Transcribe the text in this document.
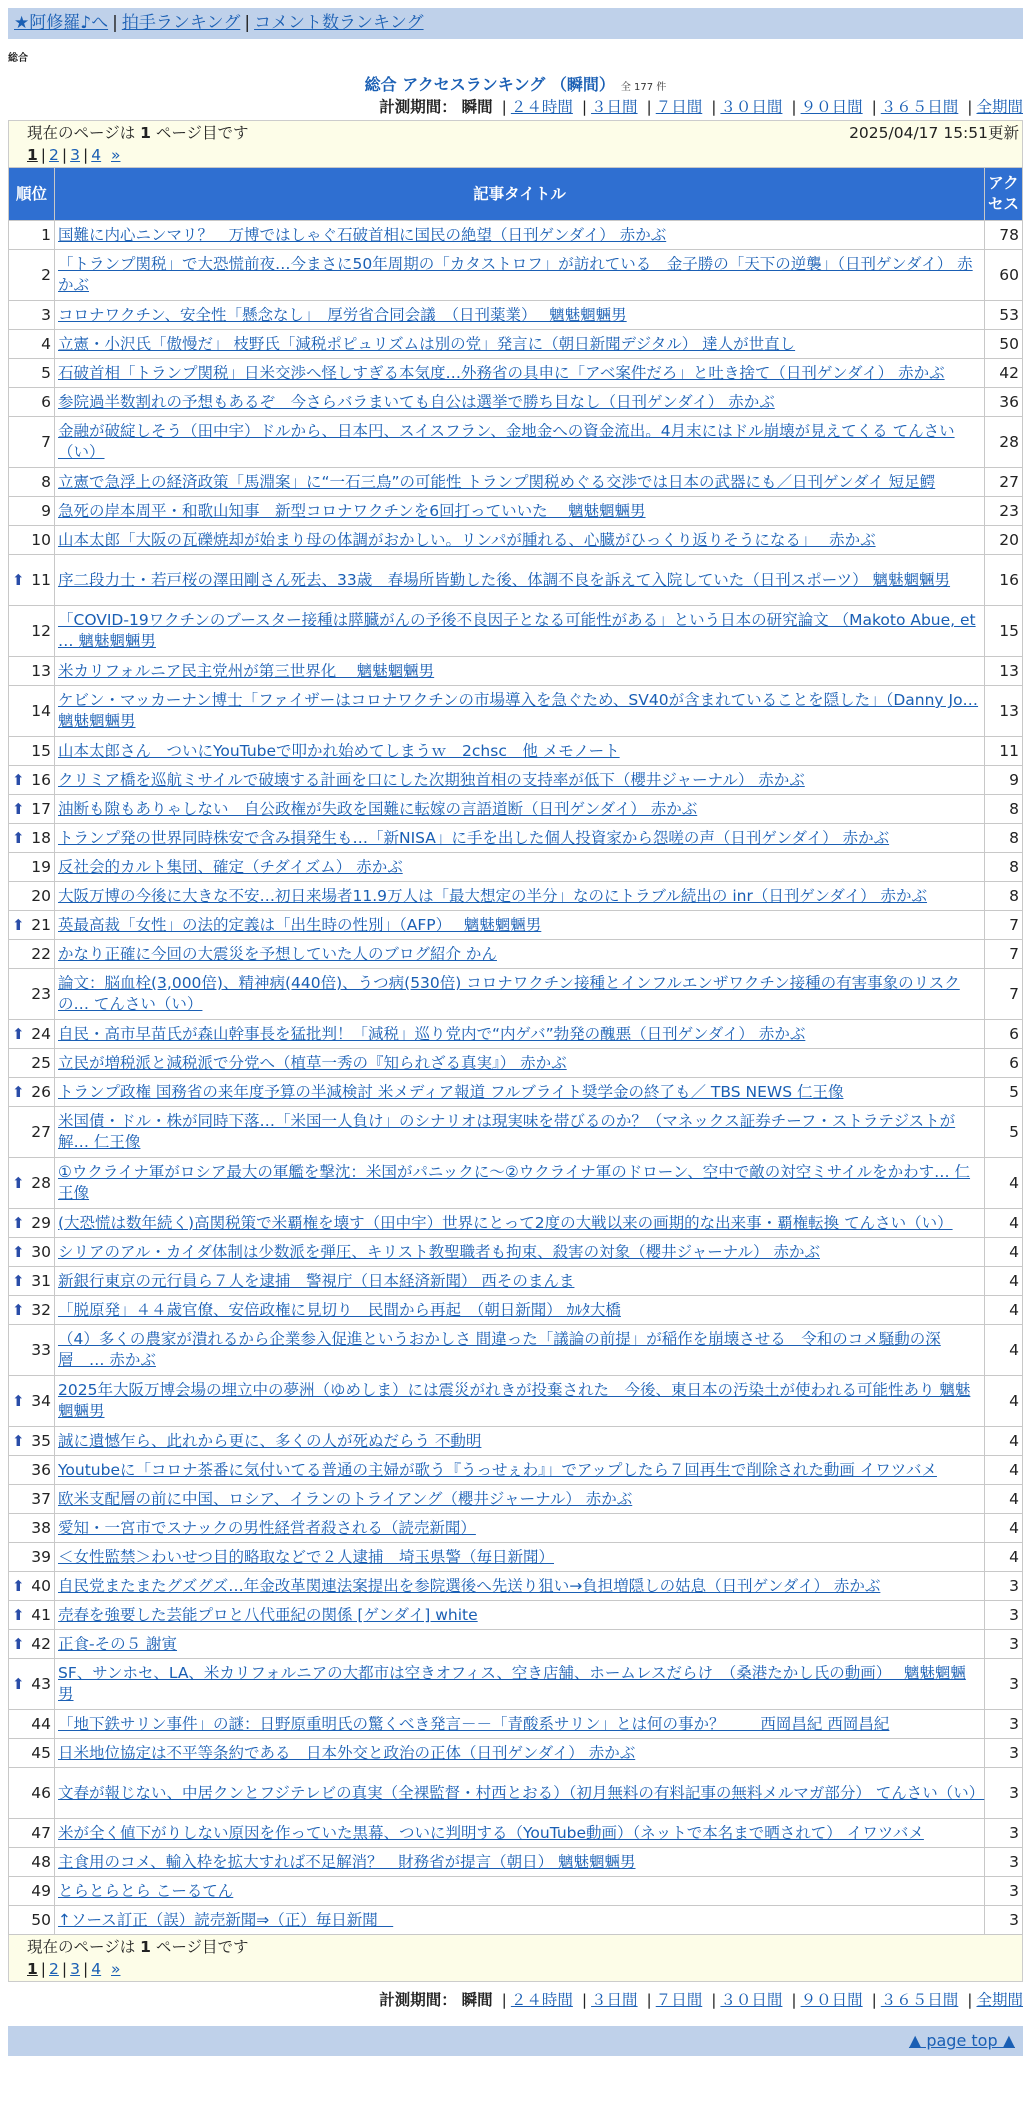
★阿修羅♪へ | 拍手ランキング | コメント数ランキング
総合
総合 アクセスランキング （瞬間） 全 177 件
計測期間： 瞬間 | ２４時間 | ３日間 | ７日間 | ３０日間 | ９０日間 | ３６５日間 | 全期間
現在のページは 1 ページ目です	2025/04/17 15:51更新
1 | 2 | 3 | 4 »
順位	記事タイトル	アクセス
1	国難に内心ニンマリ？　万博ではしゃぐ石破首相に国民の絶望（日刊ゲンダイ） 赤かぶ	78
2	「トランプ関税」で大恐慌前夜…今まさに50年周期の「カタストロフ」が訪れている　金子勝の「天下の逆襲」（日刊ゲンダイ） 赤かぶ	60
3	コロナワクチン、安全性「懸念なし」　厚労省合同会議　（日刊薬業）　 魑魅魍魎男	53
4	立憲・小沢氏「傲慢だ」 枝野氏「減税ポピュリズムは別の党」発言に（朝日新聞デジタル） 達人が世直し	50
5	石破首相「トランプ関税」日米交渉へ怪しすぎる本気度…外務省の具申に「アベ案件だろ」と吐き捨て（日刊ゲンダイ） 赤かぶ	42
6	参院過半数割れの予想もあるぞ　今さらバラまいても自公は選挙で勝ち目なし（日刊ゲンダイ） 赤かぶ	36
7	金融が破綻しそう（田中宇）ドルから、日本円、スイスフラン、金地金への資金流出。4月末にはドル崩壊が見えてくる てんさい（い）	28
8	立憲で急浮上の経済政策「馬淵案」に“一石三鳥”の可能性 トランプ関税めぐる交渉では日本の武器にも／日刊ゲンダイ 短足鰐	27
9	急死の岸本周平・和歌山知事　新型コロナワクチンを6回打っていいた　 魑魅魍魎男	23
10	山本太郎「大阪の瓦礫焼却が始まり母の体調がおかしい。リンパが腫れる、心臓がひっくり返りそうになる」　 赤かぶ	20

⬆ 11	序二段力士・若戸桜の澤田剛さん死去、33歳　春場所皆勤した後、体調不良を訴えて入院していた（日刊スポーツ） 魑魅魍魎男	16
12	「COVID-19ワクチンのブースター接種は膵臓がんの予後不良因子となる可能性がある」という日本の研究論文 （Makoto Abue, et … 魑魅魍魎男	15
13	米カリフォルニア民主党州が第三世界化　 魑魅魍魎男	13
14	ケビン・マッカーナン博士「ファイザーはコロナワクチンの市場導入を急ぐため、SV40が含まれていることを隠した」（Danny Jo… 魑魅魍魎男	13
15	山本太郎さん　ついにYouTubeで叩かれ始めてしまうｗ　2chsc　他 メモノート	11

⬆ 16	クリミア橋を巡航ミサイルで破壊する計画を口にした次期独首相の支持率が低下（櫻井ジャーナル） 赤かぶ	9

⬆ 17	油断も隙もありゃしない　自公政権が失政を国難に転嫁の言語道断（日刊ゲンダイ） 赤かぶ	8

⬆ 18	トランプ発の世界同時株安で含み損発生も…「新NISA」に手を出した個人投資家から怨嗟の声（日刊ゲンダイ） 赤かぶ	8
19	反社会的カルト集団、確定（チダイズム） 赤かぶ	8
20	大阪万博の今後に大きな不安…初日来場者11.9万人は「最大想定の半分」なのにトラブル続出の inr（日刊ゲンダイ） 赤かぶ	8

⬆ 21	英最高裁「女性」の法的定義は「出生時の性別」（AFP）　 魑魅魍魎男	7
22	かなり正確に今回の大震災を予想していた人のブログ紹介 かん	7
23	論文：脳血栓(3,000倍)、精神病(440倍)、うつ病(530倍) コロナワクチン接種とインフルエンザワクチン接種の有害事象のリスクの… てんさい（い）	7

⬆ 24	自民・高市早苗氏が森山幹事長を猛批判！「減税」巡り党内で“内ゲバ”勃発の醜悪（日刊ゲンダイ） 赤かぶ	6
25	立民が増税派と減税派で分党へ（植草一秀の『知られざる真実』） 赤かぶ	6

⬆ 26	トランプ政権 国務省の来年度予算の半減検討 米メディア報道 フルブライト奨学金の終了も／ TBS NEWS 仁王像	5
27	米国債・ドル・株が同時下落…「米国一人負け」のシナリオは現実味を帯びるのか？（マネックス証券チーフ・ストラテジストが解… 仁王像	5

⬆ 28	①ウクライナ軍がロシア最大の軍艦を撃沈：米国がパニックに～②ウクライナ軍のドローン、空中で敵の対空ミサイルをかわす… 仁王像	4

⬆ 29	(大恐慌は数年続く)高関税策で米覇権を壊す（田中宇）世界にとって2度の大戦以来の画期的な出来事・覇権転換 てんさい（い）	4

⬆ 30	シリアのアル・カイダ体制は少数派を弾圧、キリスト教聖職者も拘束、殺害の対象（櫻井ジャーナル） 赤かぶ	4

⬆ 31	新銀行東京の元行員ら７人を逮捕　警視庁（日本経済新聞） 西そのまんま	4

⬆ 32	「脱原発」４４歳官僚、安倍政権に見切り　民間から再起　（朝日新聞） ｶﾙﾀ大橋	4
33	（4）多くの農家が潰れるから企業参入促進というおかしさ 間違った「議論の前提」が稲作を崩壊させる　令和のコメ騒動の深層　… 赤かぶ	4

⬆ 34	2025年大阪万博会場の埋立中の夢洲（ゆめしま）には震災がれきが投棄された　今後、東日本の汚染土が使われる可能性あり 魑魅魍魎男	4

⬆ 35	誠に遺憾乍ら、此れから更に、多くの人が死ぬだらう 不動明	4
36	Youtubeに「コロナ茶番に気付いてる普通の主婦が歌う『うっせぇわ』」でアップしたら７回再生で削除された動画 イワツバメ	4
37	欧米支配層の前に中国、ロシア、イランのトライアング（櫻井ジャーナル） 赤かぶ	4
38	愛知・一宮市でスナックの男性経営者殺される（読売新聞）	4
39	＜女性監禁＞わいせつ目的略取などで２人逮捕　埼玉県警（毎日新聞）	4

⬆ 40	自民党またまたグズグズ…年金改革関連法案提出を参院選後へ先送り狙い→負担増隠しの姑息（日刊ゲンダイ） 赤かぶ	3

⬆ 41	売春を強要した芸能プロと八代亜紀の関係 [ゲンダイ] white	3

⬆ 42	正食-その５ 謝寅	3

⬆ 43	SF、サンホセ、LA、米カリフォルニアの大都市は空きオフィス、空き店舗、ホームレスだらけ　（桑港たかし氏の動画）　 魑魅魍魎男	3
44	「地下鉄サリン事件」の謎：日野原重明氏の驚くべき発言－－「青酸系サリン」とは何の事か？　　 西岡昌紀 西岡昌紀	3
45	日米地位協定は不平等条約である　日本外交と政治の正体（日刊ゲンダイ） 赤かぶ	3
46	文春が報じない、中居クンとフジテレビの真実（全裸監督・村西とおる）（初月無料の有料記事の無料メルマガ部分） てんさい（い）	3
47	米が全く値下がりしない原因を作っていた黒幕、ついに判明する（YouTube動画）（ネットで本名まで晒されて） イワツバメ	3
48	主食用のコメ、輸入枠を拡大すれば不足解消？　財務省が提言（朝日） 魑魅魍魎男	3
49	とらとらとら こーるてん	3
50	↑ソース訂正（誤）読売新聞⇒（正）毎日新聞　	3
現在のページは 1 ページ目です
1 | 2 | 3 | 4 »
計測期間： 瞬間 | ２４時間 | ３日間 | ７日間 | ３０日間 | ９０日間 | ３６５日間 | 全期間
▲ page top ▲
